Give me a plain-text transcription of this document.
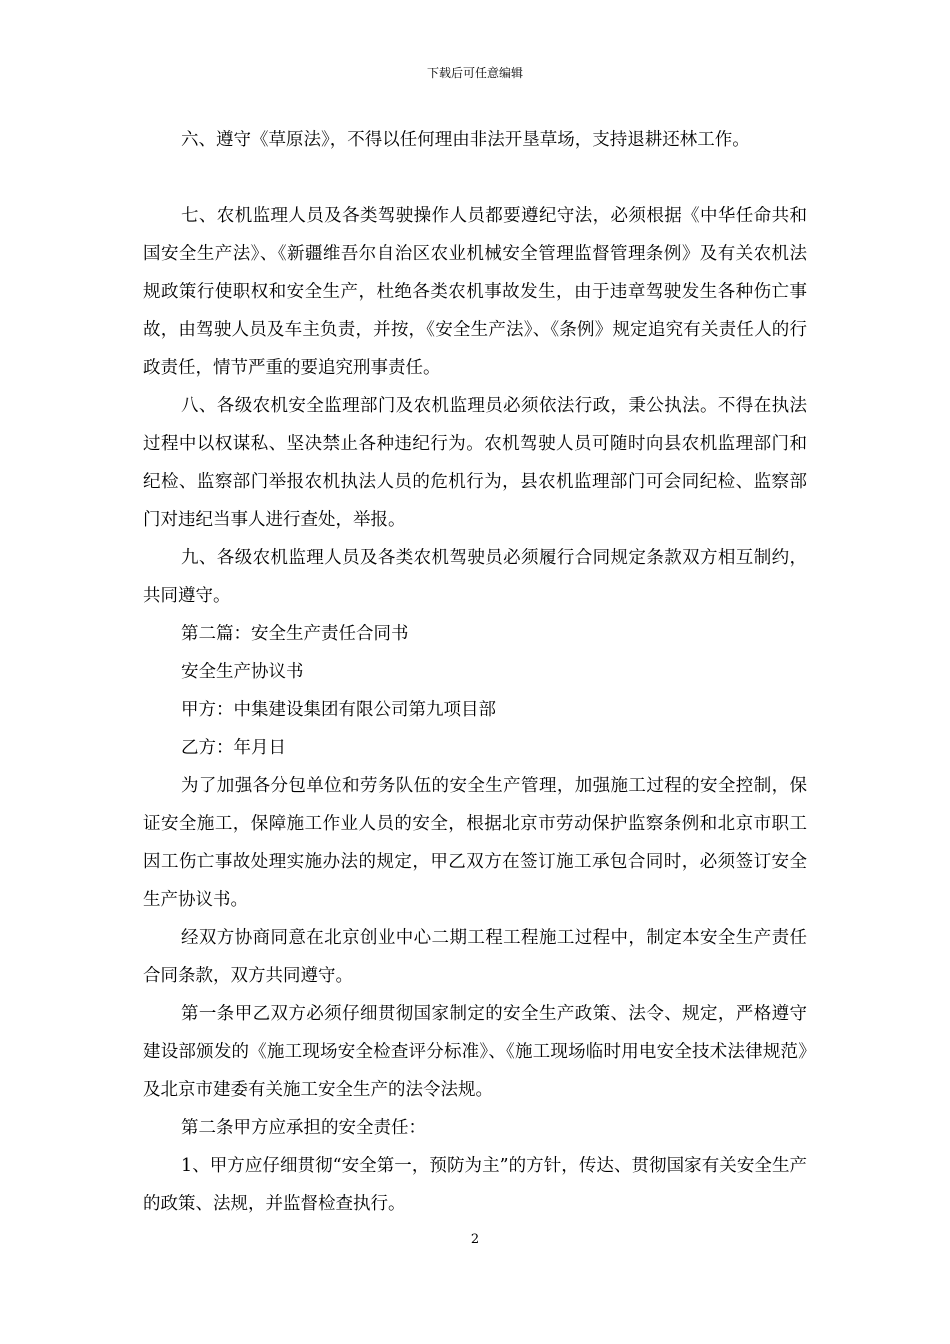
下载后可任意编辑

六、遵守《草原法》，不得以任何理由非法开垦草场，支持退耕还林工作。

七、农机监理人员及各类驾驶操作人员都要遵纪守法，必须根据《中华任命共和国安全生产法》、《新疆维吾尔自治区农业机械安全管理监督管理条例》及有关农机法规政策行使职权和安全生产，杜绝各类农机事故发生，由于违章驾驶发生各种伤亡事故，由驾驶人员及车主负责，并按，《安全生产法》、《条例》规定追究有关责任人的行政责任，情节严重的要追究刑事责任。

八、各级农机安全监理部门及农机监理员必须依法行政，秉公执法。不得在执法过程中以权谋私、坚决禁止各种违纪行为。农机驾驶人员可随时向县农机监理部门和纪检、监察部门举报农机执法人员的危机行为，县农机监理部门可会同纪检、监察部门对违纪当事人进行查处，举报。

九、各级农机监理人员及各类农机驾驶员必须履行合同规定条款双方相互制约，共同遵守。

第二篇：安全生产责任合同书

安全生产协议书

甲方：中集建设集团有限公司第九项目部

乙方：年月日

为了加强各分包单位和劳务队伍的安全生产管理，加强施工过程的安全控制，保证安全施工，保障施工作业人员的安全，根据北京市劳动保护监察条例和北京市职工因工伤亡事故处理实施办法的规定，甲乙双方在签订施工承包合同时，必须签订安全生产协议书。

经双方协商同意在北京创业中心二期工程工程施工过程中，制定本安全生产责任合同条款，双方共同遵守。

第一条甲乙双方必须仔细贯彻国家制定的安全生产政策、法令、规定，严格遵守建设部颁发的《施工现场安全检查评分标准》、《施工现场临时用电安全技术法律规范》及北京市建委有关施工安全生产的法令法规。

第二条甲方应承担的安全责任：

1、甲方应仔细贯彻“安全第一，预防为主”的方针，传达、贯彻国家有关安全生产的政策、法规，并监督检查执行。

2
